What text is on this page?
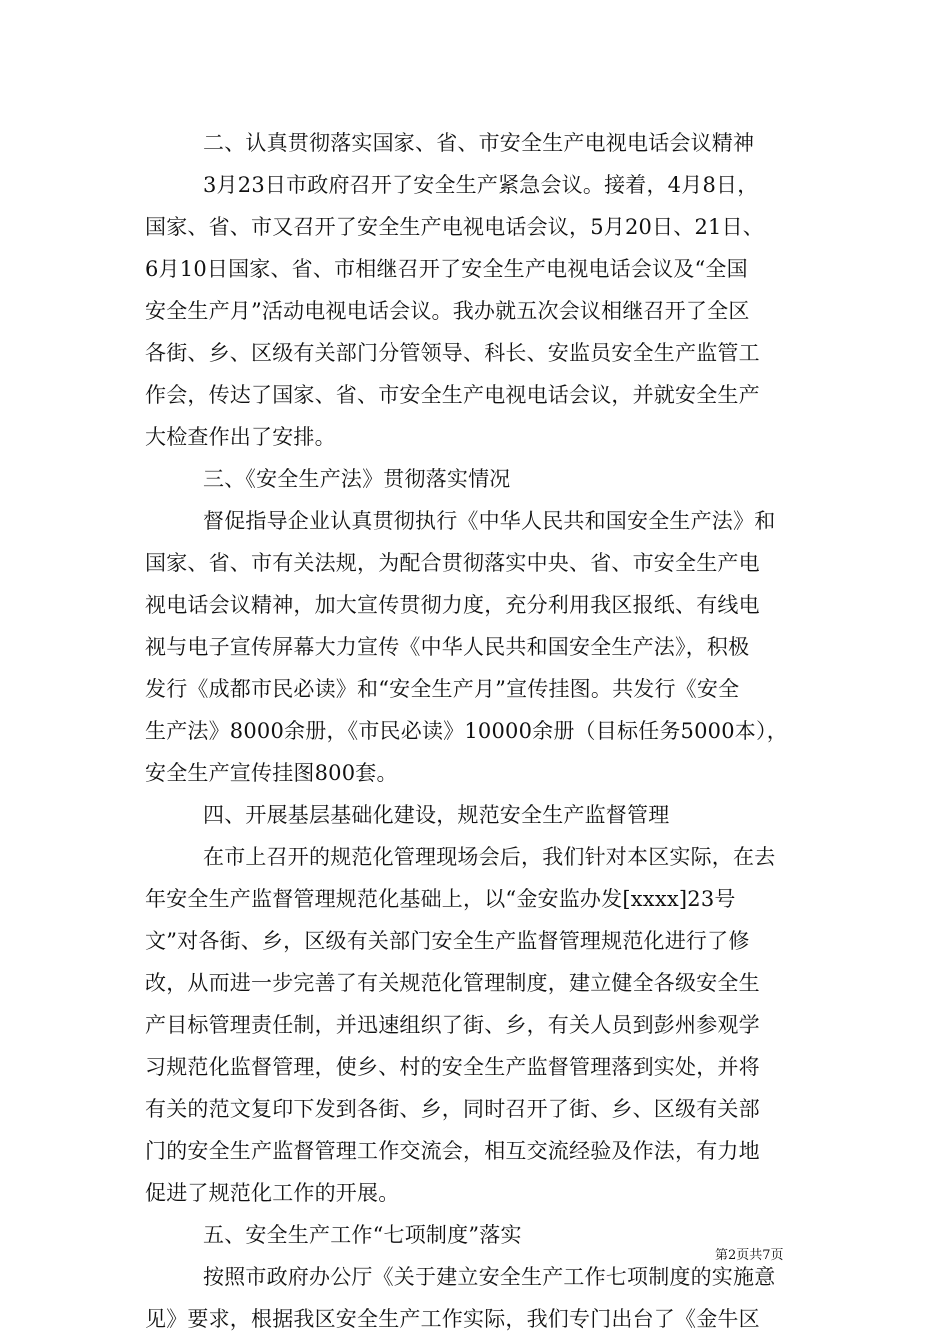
二、认真贯彻落实国家、省、市安全生产电视电话会议精神
3月23日市政府召开了安全生产紧急会议。接着，4月8日，
国家、省、市又召开了安全生产电视电话会议，5月20日、21日、
6月10日国家、省、市相继召开了安全生产电视电话会议及“全国
安全生产月”活动电视电话会议。我办就五次会议相继召开了全区
各街、乡、区级有关部门分管领导、科长、安监员安全生产监管工
作会，传达了国家、省、市安全生产电视电话会议，并就安全生产
大检查作出了安排。
三、《安全生产法》贯彻落实情况
督促指导企业认真贯彻执行《中华人民共和国安全生产法》和
国家、省、市有关法规，为配合贯彻落实中央、省、市安全生产电
视电话会议精神，加大宣传贯彻力度，充分利用我区报纸、有线电
视与电子宣传屏幕大力宣传《中华人民共和国安全生产法》，积极
发行《成都市民必读》和“安全生产月”宣传挂图。共发行《安全
生产法》8000余册，《市民必读》10000余册（目标任务5000本），
安全生产宣传挂图800套。
四、开展基层基础化建设，规范安全生产监督管理
在市上召开的规范化管理现场会后，我们针对本区实际，在去
年安全生产监督管理规范化基础上，以“金安监办发[xxxx]23号
文”对各街、乡，区级有关部门安全生产监督管理规范化进行了修
改，从而进一步完善了有关规范化管理制度，建立健全各级安全生
产目标管理责任制，并迅速组织了街、乡，有关人员到彭州参观学
习规范化监督管理，使乡、村的安全生产监督管理落到实处，并将
有关的范文复印下发到各街、乡，同时召开了街、乡、区级有关部
门的安全生产监督管理工作交流会，相互交流经验及作法，有力地
促进了规范化工作的开展。
五、安全生产工作“七项制度”落实
按照市政府办公厅《关于建立安全生产工作七项制度的实施意
见》要求，根据我区安全生产工作实际，我们专门出台了《金牛区
第2页共7页
